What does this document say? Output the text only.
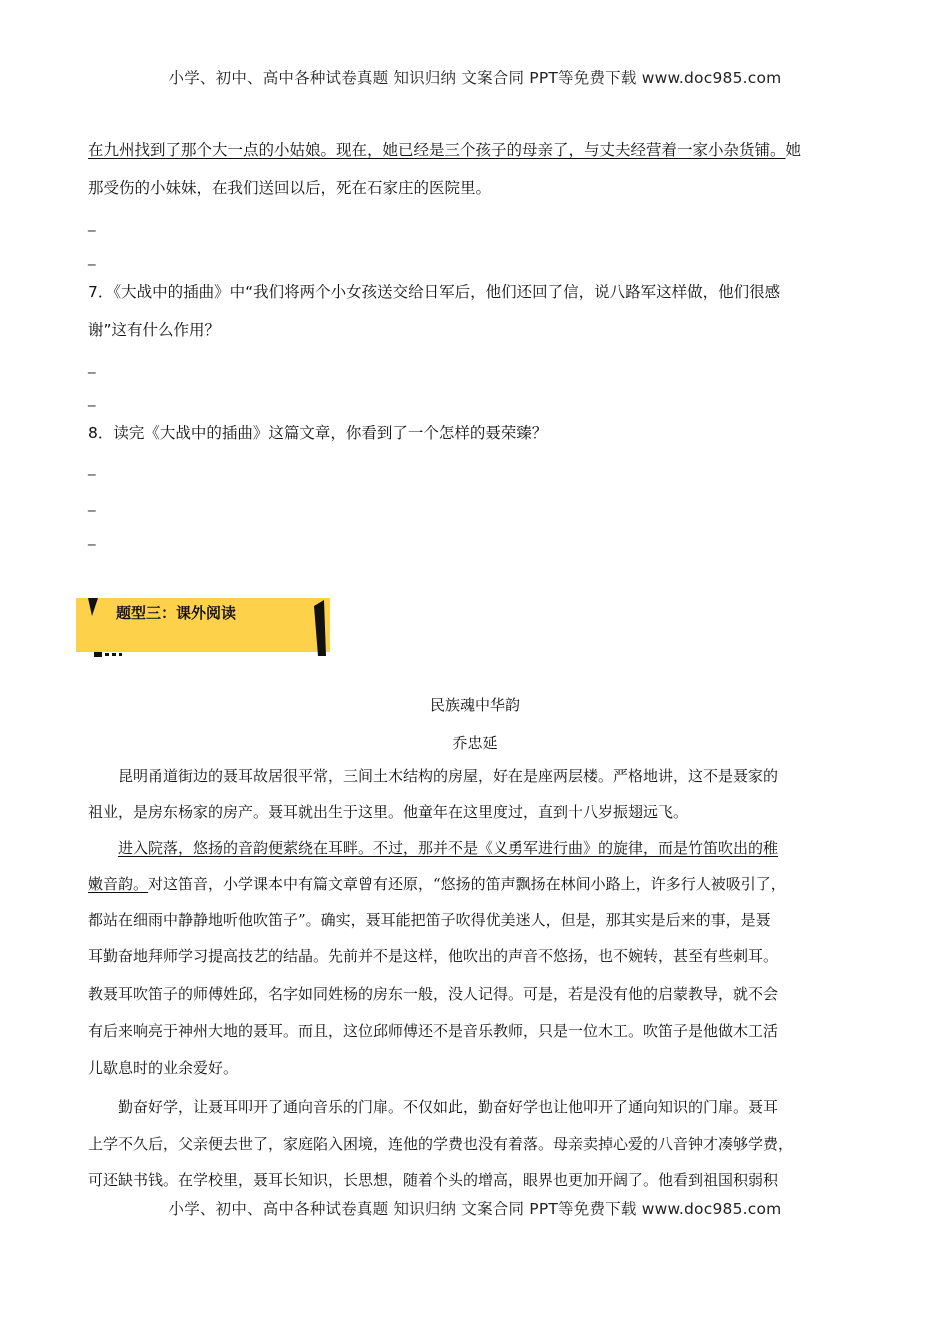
小学、初中、高中各种试卷真题 知识归纳 文案合同 PPT等免费下载 www.doc985.com
在九州找到了那个大一点的小姑娘。现在，她已经是三个孩子的母亲了，与丈夫经营着一家小杂货铺。她
那受伤的小妹妹，在我们送回以后，死在石家庄的医院里。
_
_
7．《大战中的插曲》中“我们将两个小女孩送交给日军后，他们还回了信，说八路军这样做，他们很感
谢”这有什么作用？
_
_
8．读完《大战中的插曲》这篇文章，你看到了一个怎样的聂荣臻？
_
_
_
题型三：课外阅读
民族魂中华韵
乔忠延
昆明甬道街边的聂耳故居很平常，三间土木结构的房屋，好在是座两层楼。严格地讲，这不是聂家的
祖业，是房东杨家的房产。聂耳就出生于这里。他童年在这里度过，直到十八岁振翅远飞。
进入院落，悠扬的音韵便萦绕在耳畔。不过，那并不是《义勇军进行曲》的旋律，而是竹笛吹出的稚
嫩音韵。对这笛音，小学课本中有篇文章曾有还原，“悠扬的笛声飘扬在林间小路上，许多行人被吸引了，
都站在细雨中静静地听他吹笛子”。确实，聂耳能把笛子吹得优美迷人，但是，那其实是后来的事，是聂
耳勤奋地拜师学习提高技艺的结晶。先前并不是这样，他吹出的声音不悠扬，也不婉转，甚至有些刺耳。
教聂耳吹笛子的师傅姓邱，名字如同姓杨的房东一般，没人记得。可是，若是没有他的启蒙教导，就不会
有后来响亮于神州大地的聂耳。而且，这位邱师傅还不是音乐教师，只是一位木工。吹笛子是他做木工活
儿歇息时的业余爱好。
勤奋好学，让聂耳叩开了通向音乐的门扉。不仅如此，勤奋好学也让他叩开了通向知识的门扉。聂耳
上学不久后，父亲便去世了，家庭陷入困境，连他的学费也没有着落。母亲卖掉心爱的八音钟才凑够学费，
可还缺书钱。在学校里，聂耳长知识，长思想，随着个头的增高，眼界也更加开阔了。他看到祖国积弱积
小学、初中、高中各种试卷真题 知识归纳 文案合同 PPT等免费下载 www.doc985.com
